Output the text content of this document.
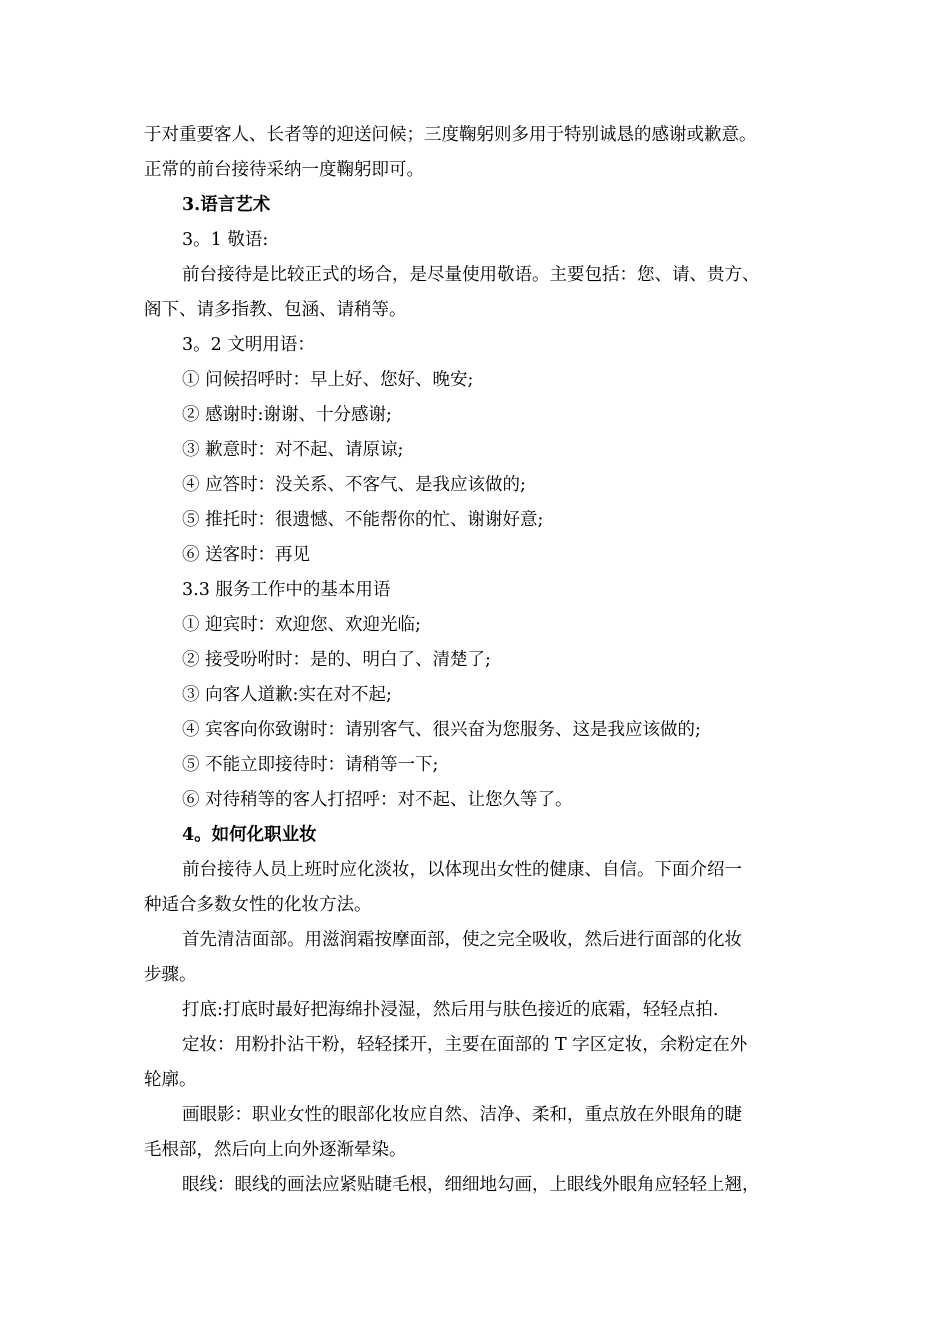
于对重要客人、长者等的迎送问候；三度鞠躬则多用于特别诚恳的感谢或歉意。

正常的前台接待采纳一度鞠躬即可。

3.语言艺术

3。1 敬语:

前台接待是比较正式的场合，是尽量使用敬语。主要包括：您、请、贵方、

阁下、请多指教、包涵、请稍等。

3。2 文明用语：

① 问候招呼时：早上好、您好、晚安;

② 感谢时:谢谢、十分感谢;

③ 歉意时：对不起、请原谅;

④ 应答时：没关系、不客气、是我应该做的;

⑤ 推托时：很遗憾、不能帮你的忙、谢谢好意;

⑥ 送客时：再见

3.3 服务工作中的基本用语

① 迎宾时：欢迎您、欢迎光临;

② 接受吩咐时：是的、明白了、清楚了;

③ 向客人道歉:实在对不起;

④ 宾客向你致谢时：请别客气、很兴奋为您服务、这是我应该做的;

⑤ 不能立即接待时：请稍等一下;

⑥ 对待稍等的客人打招呼：对不起、让您久等了。

4。如何化职业妆

前台接待人员上班时应化淡妆，以体现出女性的健康、自信。下面介绍一

种适合多数女性的化妆方法。

首先清洁面部。用滋润霜按摩面部，使之完全吸收，然后进行面部的化妆

步骤。

打底:打底时最好把海绵扑浸湿，然后用与肤色接近的底霜，轻轻点拍.

定妆：用粉扑沾干粉，轻轻揉开，主要在面部的 T 字区定妆，余粉定在外

轮廓。

画眼影：职业女性的眼部化妆应自然、洁净、柔和，重点放在外眼角的睫

毛根部，然后向上向外逐渐晕染。

眼线：眼线的画法应紧贴睫毛根，细细地勾画，上眼线外眼角应轻轻上翘，
